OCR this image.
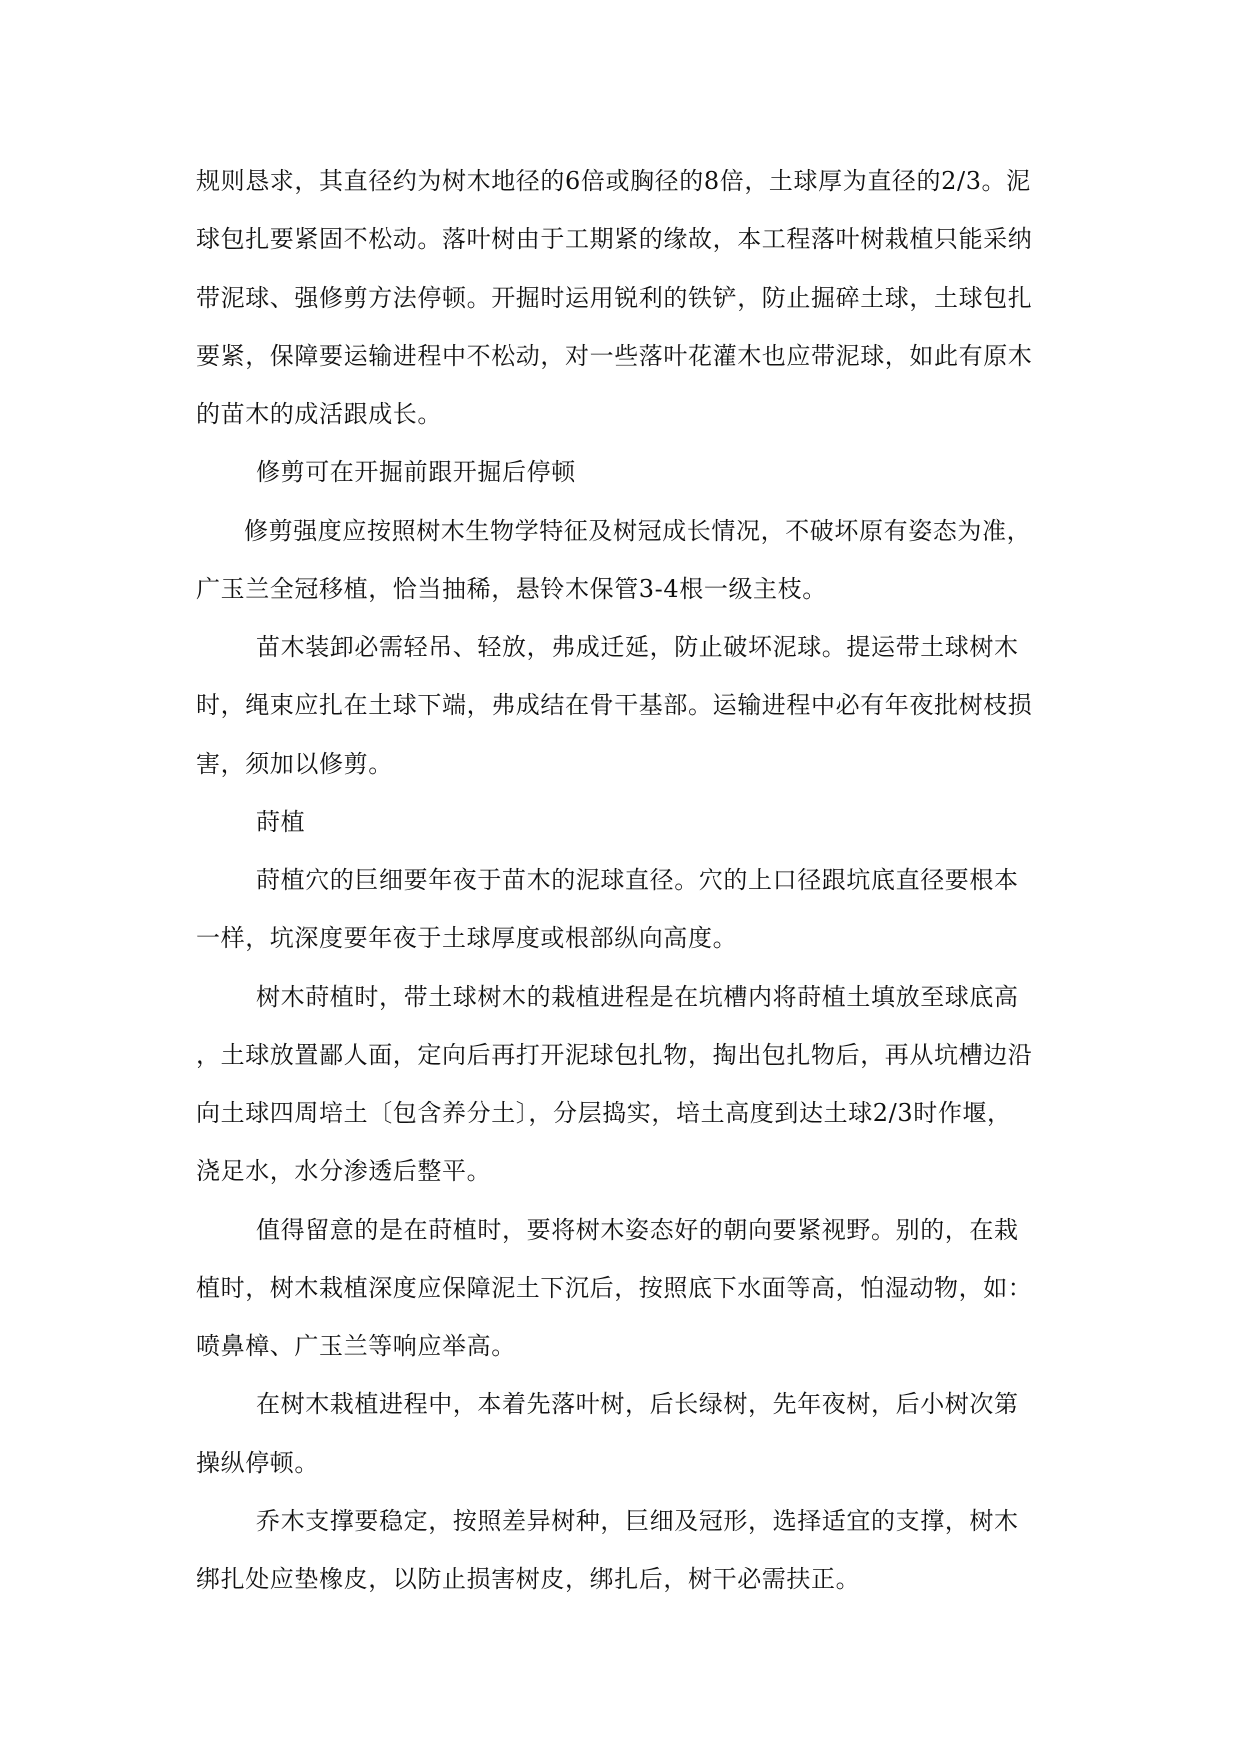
规则恳求，其直径约为树木地径的6倍或胸径的8倍，土球厚为直径的2/3。泥
球包扎要紧固不松动。落叶树由于工期紧的缘故，本工程落叶树栽植只能采纳
带泥球、强修剪方法停顿。开掘时运用锐利的铁铲，防止掘碎土球，土球包扎
要紧，保障要运输进程中不松动，对一些落叶花灌木也应带泥球，如此有原木
的苗木的成活跟成长。
修剪可在开掘前跟开掘后停顿
修剪强度应按照树木生物学特征及树冠成长情况，不破坏原有姿态为准，
广玉兰全冠移植，恰当抽稀，悬铃木保管3-4根一级主枝。
苗木装卸必需轻吊、轻放，弗成迁延，防止破坏泥球。提运带土球树木
时，绳束应扎在土球下端，弗成结在骨干基部。运输进程中必有年夜批树枝损
害，须加以修剪。
莳植
莳植穴的巨细要年夜于苗木的泥球直径。穴的上口径跟坑底直径要根本
一样，坑深度要年夜于土球厚度或根部纵向高度。
树木莳植时，带土球树木的栽植进程是在坑槽内将莳植土填放至球底高
，土球放置鄙人面，定向后再打开泥球包扎物，掏出包扎物后，再从坑槽边沿
向土球四周培土〔包含养分土〕，分层捣实，培土高度到达土球2/3时作堰，
浇足水，水分渗透后整平。
值得留意的是在莳植时，要将树木姿态好的朝向要紧视野。别的，在栽
植时，树木栽植深度应保障泥土下沉后，按照底下水面等高，怕湿动物，如：
喷鼻樟、广玉兰等响应举高。
在树木栽植进程中，本着先落叶树，后长绿树，先年夜树，后小树次第
操纵停顿。
乔木支撑要稳定，按照差异树种，巨细及冠形，选择适宜的支撑，树木
绑扎处应垫橡皮，以防止损害树皮，绑扎后，树干必需扶正。
